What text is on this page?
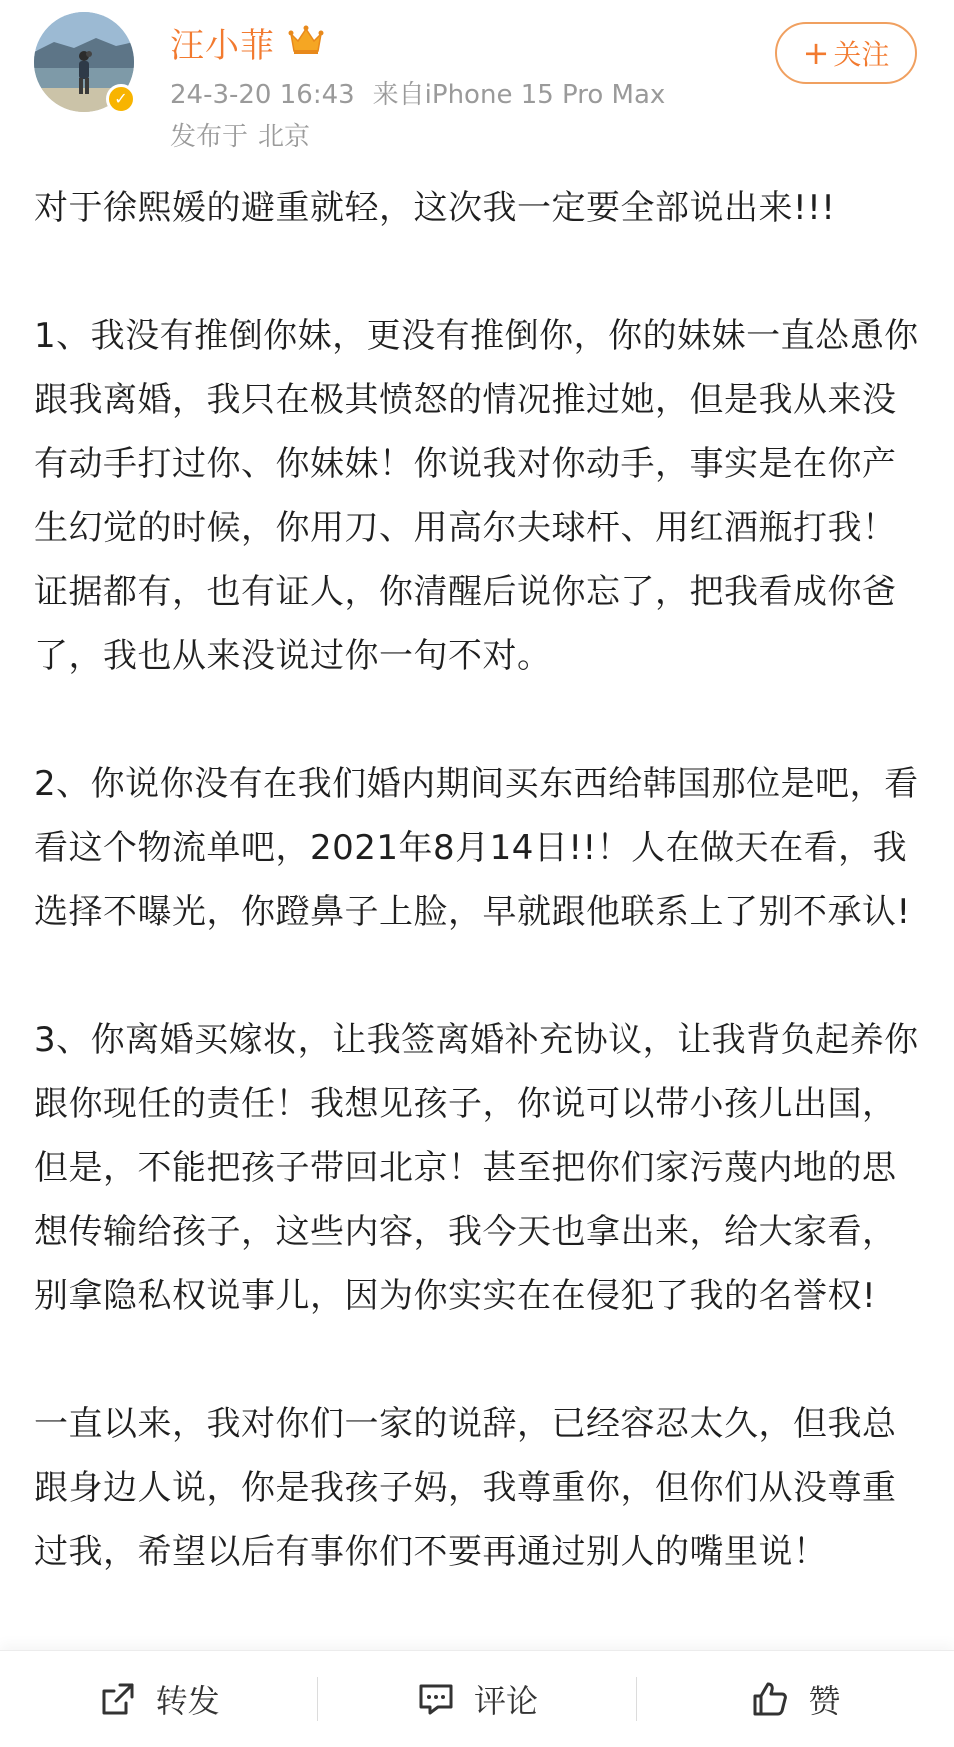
✓
汪小菲
24-3-20 16:43 来自iPhone 15 Pro Max
发布于 北京
+ 关注

对于徐熙媛的避重就轻，这次我一定要全部说出来!!!

1、我没有推倒你妹，更没有推倒你，你的妹妹一直怂恿你跟我离婚，我只在极其愤怒的情况推过她，但是我从来没有动手打过你、你妹妹！你说我对你动手，事实是在你产生幻觉的时候，你用刀、用高尔夫球杆、用红酒瓶打我！证据都有，也有证人，你清醒后说你忘了，把我看成你爸了，我也从来没说过你一句不对。

2、你说你没有在我们婚内期间买东西给韩国那位是吧，看看这个物流单吧，2021年8月14日!!！人在做天在看，我选择不曝光，你蹬鼻子上脸，早就跟他联系上了别不承认!

3、你离婚买嫁妆，让我签离婚补充协议，让我背负起养你跟你现任的责任！我想见孩子，你说可以带小孩儿出国，但是，不能把孩子带回北京！甚至把你们家污蔑内地的思想传输给孩子，这些内容，我今天也拿出来，给大家看，别拿隐私权说事儿，因为你实实在在侵犯了我的名誉权!

一直以来，我对你们一家的说辞，已经容忍太久，但我总跟身边人说，你是我孩子妈，我尊重你，但你们从没尊重过我，希望以后有事你们不要再通过别人的嘴里说！

转发	评论	赞
